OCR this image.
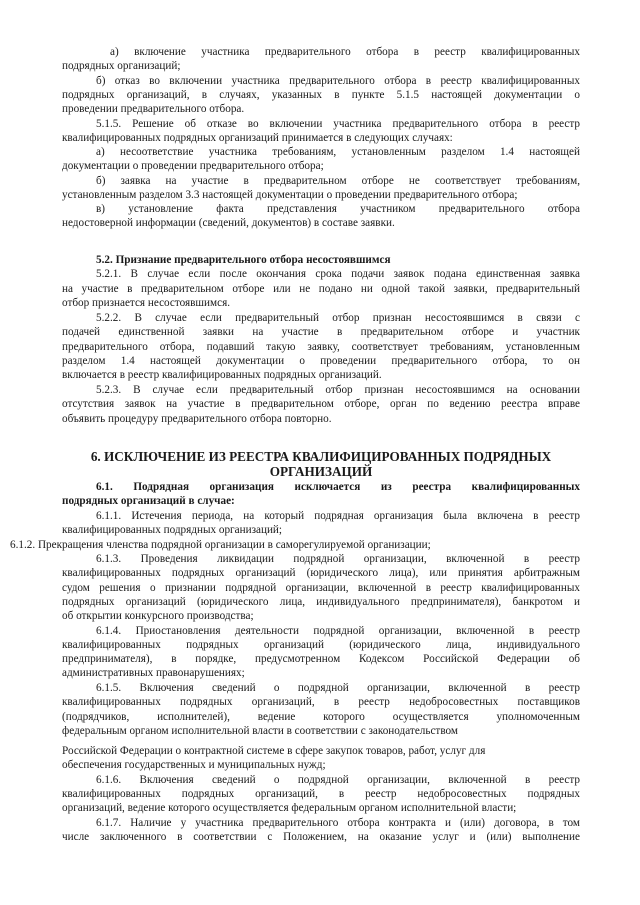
а) включение участника предварительного отбора в реестр квалифицированных
подрядных организаций;
б) отказ во включении участника предварительного отбора в реестр квалифицированных
подрядных организаций, в случаях, указанных в пункте 5.1.5 настоящей документации о
проведении предварительного отбора.
5.1.5. Решение об отказе во включении участника предварительного отбора в реестр
квалифицированных подрядных организаций принимается в следующих случаях:
а) несоответствие участника требованиям, установленным разделом 1.4 настоящей
документации о проведении предварительного отбора;
б) заявка на участие в предварительном отборе не соответствует требованиям,
установленным разделом 3.3 настоящей документации о проведении предварительного отбора;
в) установление факта представления участником предварительного отбора
недостоверной информации (сведений, документов) в составе заявки.
5.2. Признание предварительного отбора несостоявшимся
5.2.1. В случае если после окончания срока подачи заявок подана единственная заявка
на участие в предварительном отборе или не подано ни одной такой заявки, предварительный
отбор признается несостоявшимся.
5.2.2. В случае если предварительный отбор признан несостоявшимся в связи с
подачей единственной заявки на участие в предварительном отборе и участник
предварительного отбора, подавший такую заявку, соответствует требованиям, установленным
разделом 1.4 настоящей документации о проведении предварительного отбора, то он
включается в реестр квалифицированных подрядных организаций.
5.2.3. В случае если предварительный отбор признан несостоявшимся на основании
отсутствия заявок на участие в предварительном отборе, орган по ведению реестра вправе
объявить процедуру предварительного отбора повторно.
6. ИСКЛЮЧЕНИЕ ИЗ РЕЕСТРА КВАЛИФИЦИРОВАННЫХ ПОДРЯДНЫХ
ОРГАНИЗАЦИЙ
6.1. Подрядная организация исключается из реестра квалифицированных
подрядных организаций в случае:
6.1.1. Истечения периода, на который подрядная организация была включена в реестр
квалифицированных подрядных организаций;
6.1.2. Прекращения членства подрядной организации в саморегулируемой организации;
6.1.3. Проведения ликвидации подрядной организации, включенной в реестр
квалифицированных подрядных организаций (юридического лица), или принятия арбитражным
судом решения о признании подрядной организации, включенной в реестр квалифицированных
подрядных организаций (юридического лица, индивидуального предпринимателя), банкротом и
об открытии конкурсного производства;
6.1.4. Приостановления деятельности подрядной организации, включенной в реестр
квалифицированных подрядных организаций (юридического лица, индивидуального
предпринимателя), в порядке, предусмотренном Кодексом Российской Федерации об
административных правонарушениях;
6.1.5. Включения сведений о подрядной организации, включенной в реестр
квалифицированных подрядных организаций, в реестр недобросовестных поставщиков
(подрядчиков, исполнителей), ведение которого осуществляется уполномоченным
федеральным органом исполнительной власти в соответствии с законодательством
Российской Федерации о контрактной системе в сфере закупок товаров, работ, услуг для
обеспечения государственных и муниципальных нужд;
6.1.6. Включения сведений о подрядной организации, включенной в реестр
квалифицированных подрядных организаций, в реестр недобросовестных подрядных
организаций, ведение которого осуществляется федеральным органом исполнительной власти;
6.1.7. Наличие у участника предварительного отбора контракта и (или) договора, в том
числе заключенного в соответствии с Положением, на оказание услуг и (или) выполнение
